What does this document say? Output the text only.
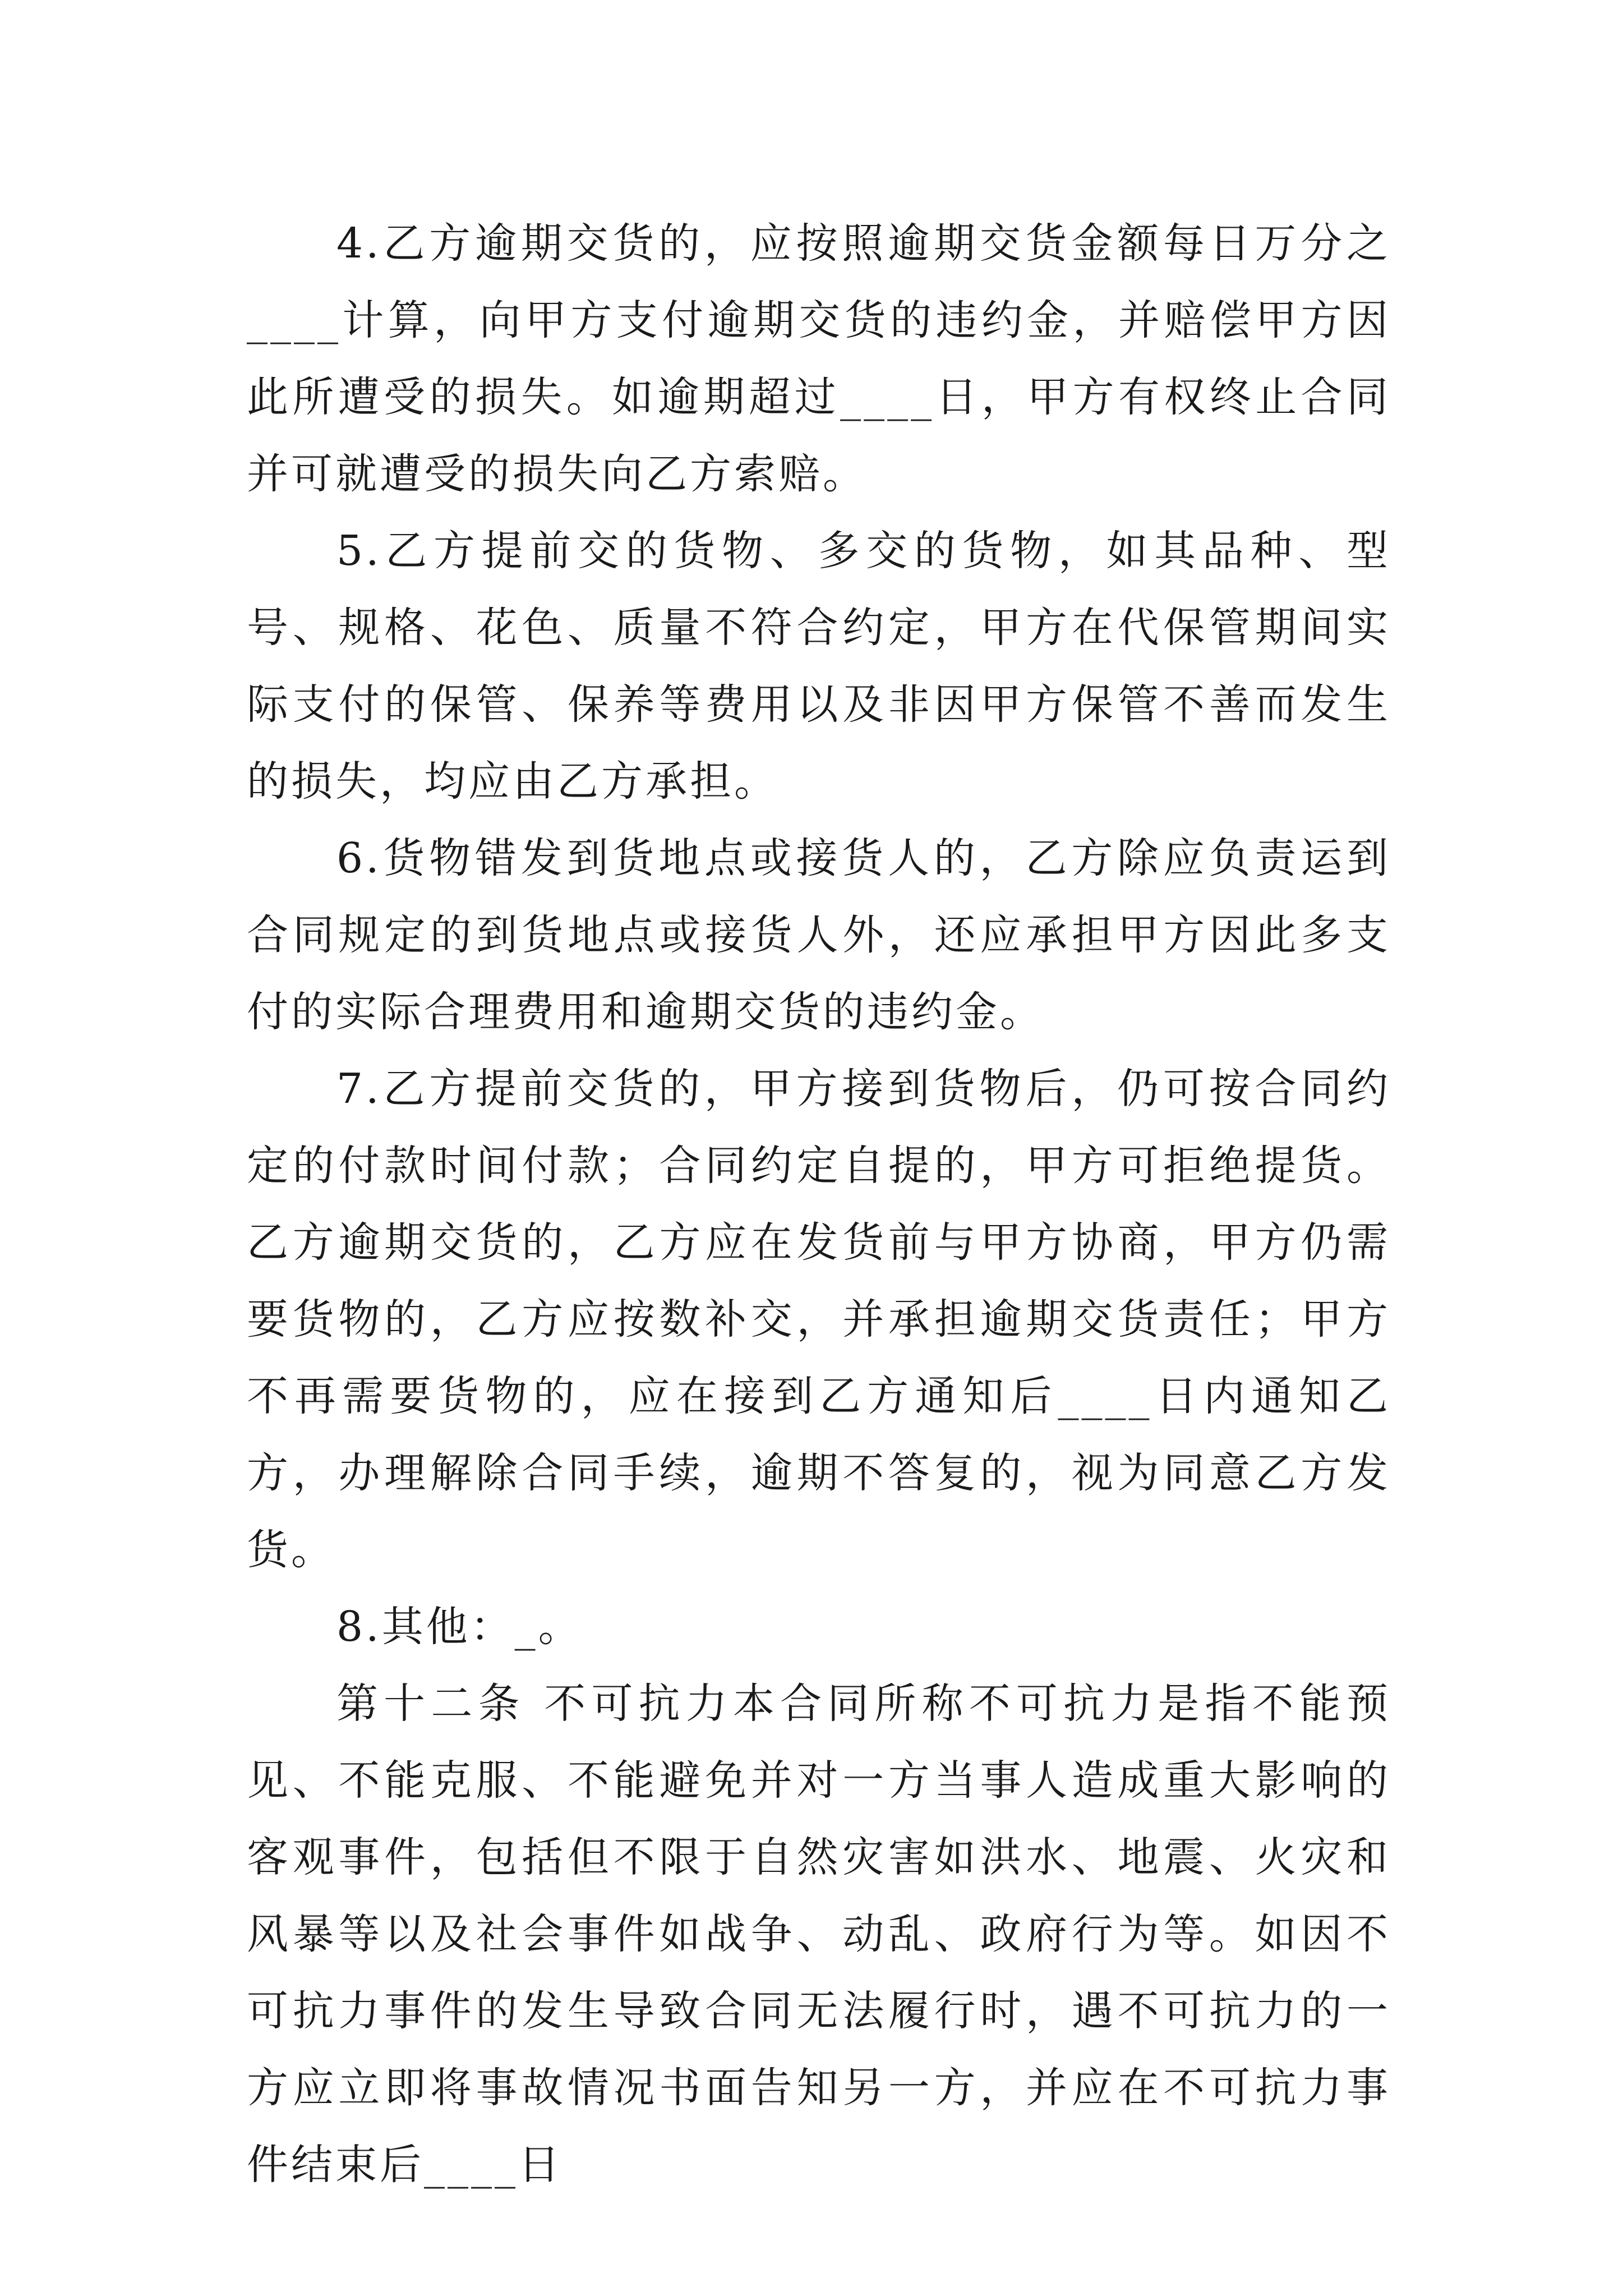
4.乙方逾期交货的，应按照逾期交货金额每日万分之____计算，向甲方支付逾期交货的违约金，并赔偿甲方因此所遭受的损失。如逾期超过____日，甲方有权终止合同并可就遭受的损失向乙方索赔。

5.乙方提前交的货物、多交的货物，如其品种、型号、规格、花色、质量不符合约定，甲方在代保管期间实际支付的保管、保养等费用以及非因甲方保管不善而发生的损失，均应由乙方承担。

6.货物错发到货地点或接货人的，乙方除应负责运到合同规定的到货地点或接货人外，还应承担甲方因此多支付的实际合理费用和逾期交货的违约金。

7.乙方提前交货的，甲方接到货物后，仍可按合同约定的付款时间付款；合同约定自提的，甲方可拒绝提货。乙方逾期交货的，乙方应在发货前与甲方协商，甲方仍需要货物的，乙方应按数补交，并承担逾期交货责任；甲方不再需要货物的，应在接到乙方通知后____日内通知乙方，办理解除合同手续，逾期不答复的，视为同意乙方发货。

8.其他：_。

第十二条 不可抗力本合同所称不可抗力是指不能预见、不能克服、不能避免并对一方当事人造成重大影响的客观事件，包括但不限于自然灾害如洪水、地震、火灾和风暴等以及社会事件如战争、动乱、政府行为等。如因不可抗力事件的发生导致合同无法履行时，遇不可抗力的一方应立即将事故情况书面告知另一方，并应在不可抗力事件结束后____日
